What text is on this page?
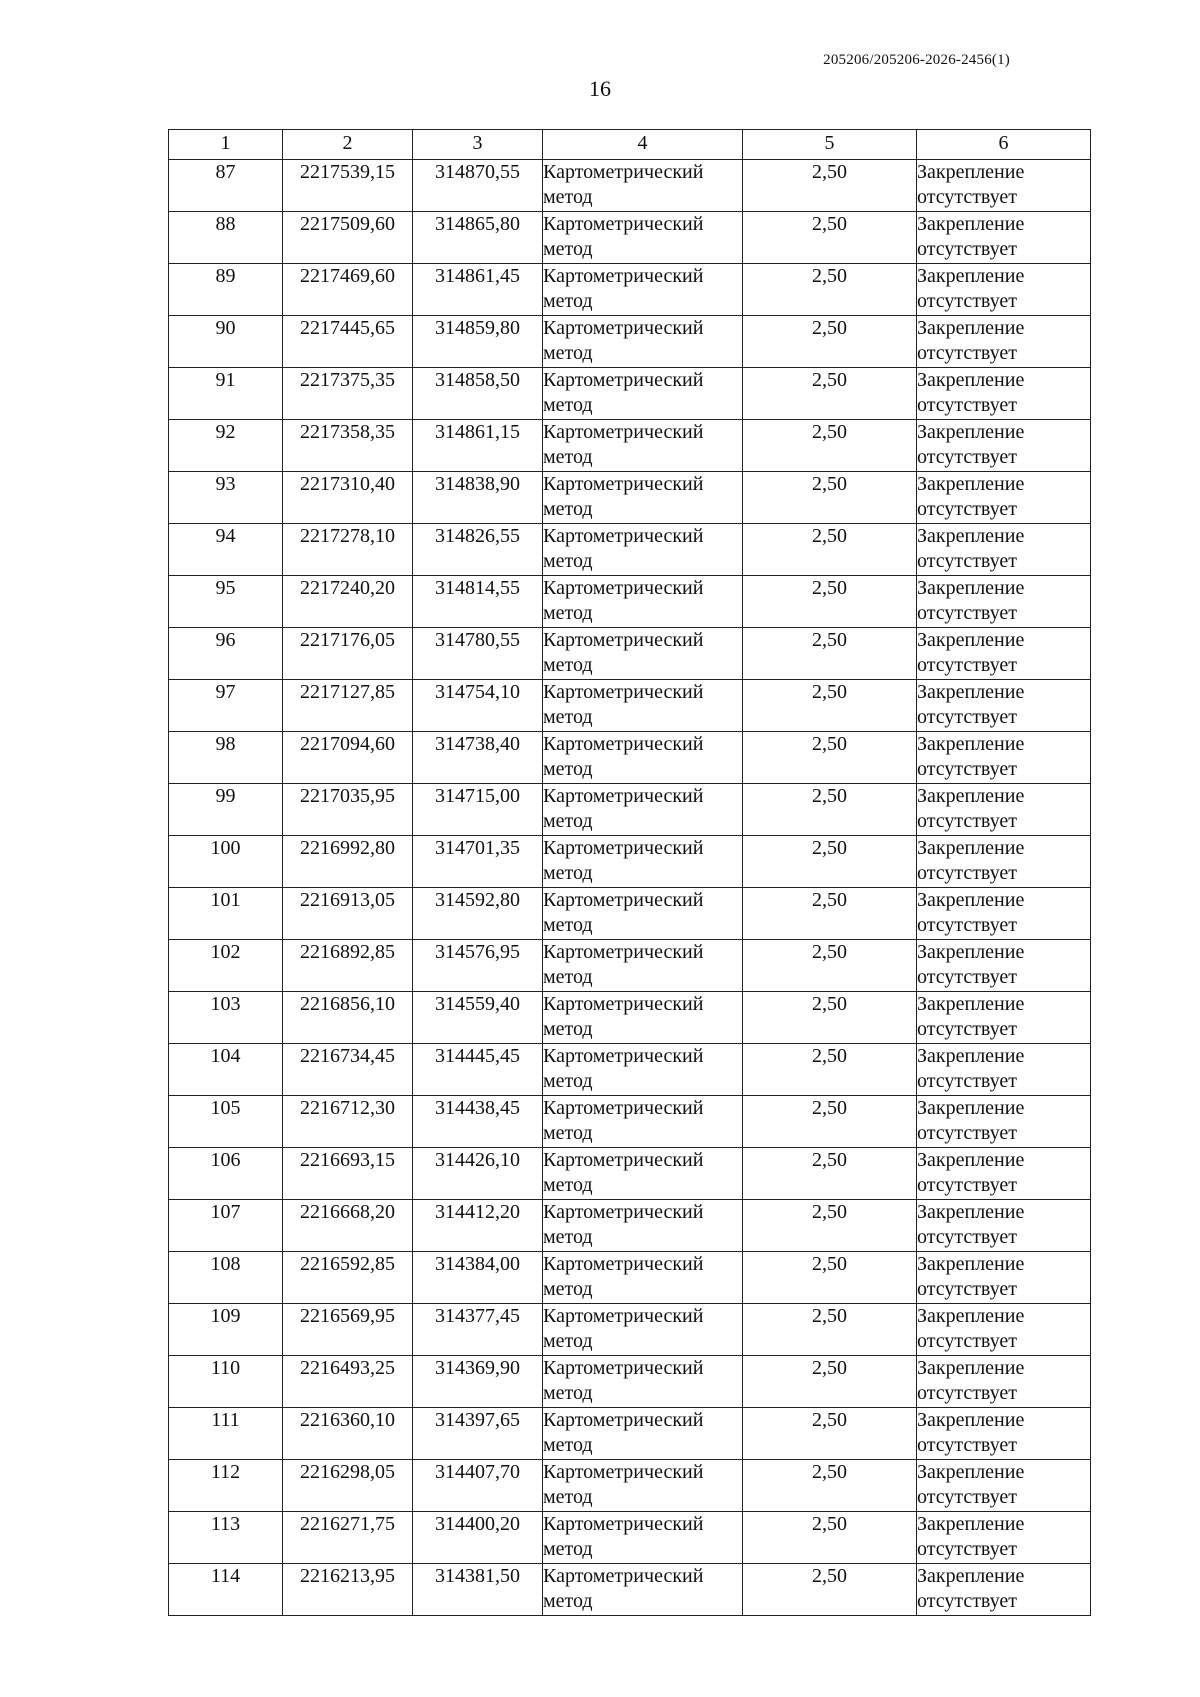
205206/205206-2026-2456(1)
16
1	2	3	4	5	6
87	2217539,15	314870,55	Картометрический метод	2,50	Закрепление отсутствует
88	2217509,60	314865,80	Картометрический метод	2,50	Закрепление отсутствует
89	2217469,60	314861,45	Картометрический метод	2,50	Закрепление отсутствует
90	2217445,65	314859,80	Картометрический метод	2,50	Закрепление отсутствует
91	2217375,35	314858,50	Картометрический метод	2,50	Закрепление отсутствует
92	2217358,35	314861,15	Картометрический метод	2,50	Закрепление отсутствует
93	2217310,40	314838,90	Картометрический метод	2,50	Закрепление отсутствует
94	2217278,10	314826,55	Картометрический метод	2,50	Закрепление отсутствует
95	2217240,20	314814,55	Картометрический метод	2,50	Закрепление отсутствует
96	2217176,05	314780,55	Картометрический метод	2,50	Закрепление отсутствует
97	2217127,85	314754,10	Картометрический метод	2,50	Закрепление отсутствует
98	2217094,60	314738,40	Картометрический метод	2,50	Закрепление отсутствует
99	2217035,95	314715,00	Картометрический метод	2,50	Закрепление отсутствует
100	2216992,80	314701,35	Картометрический метод	2,50	Закрепление отсутствует
101	2216913,05	314592,80	Картометрический метод	2,50	Закрепление отсутствует
102	2216892,85	314576,95	Картометрический метод	2,50	Закрепление отсутствует
103	2216856,10	314559,40	Картометрический метод	2,50	Закрепление отсутствует
104	2216734,45	314445,45	Картометрический метод	2,50	Закрепление отсутствует
105	2216712,30	314438,45	Картометрический метод	2,50	Закрепление отсутствует
106	2216693,15	314426,10	Картометрический метод	2,50	Закрепление отсутствует
107	2216668,20	314412,20	Картометрический метод	2,50	Закрепление отсутствует
108	2216592,85	314384,00	Картометрический метод	2,50	Закрепление отсутствует
109	2216569,95	314377,45	Картометрический метод	2,50	Закрепление отсутствует
110	2216493,25	314369,90	Картометрический метод	2,50	Закрепление отсутствует
111	2216360,10	314397,65	Картометрический метод	2,50	Закрепление отсутствует
112	2216298,05	314407,70	Картометрический метод	2,50	Закрепление отсутствует
113	2216271,75	314400,20	Картометрический метод	2,50	Закрепление отсутствует
114	2216213,95	314381,50	Картометрический метод	2,50	Закрепление отсутствует
